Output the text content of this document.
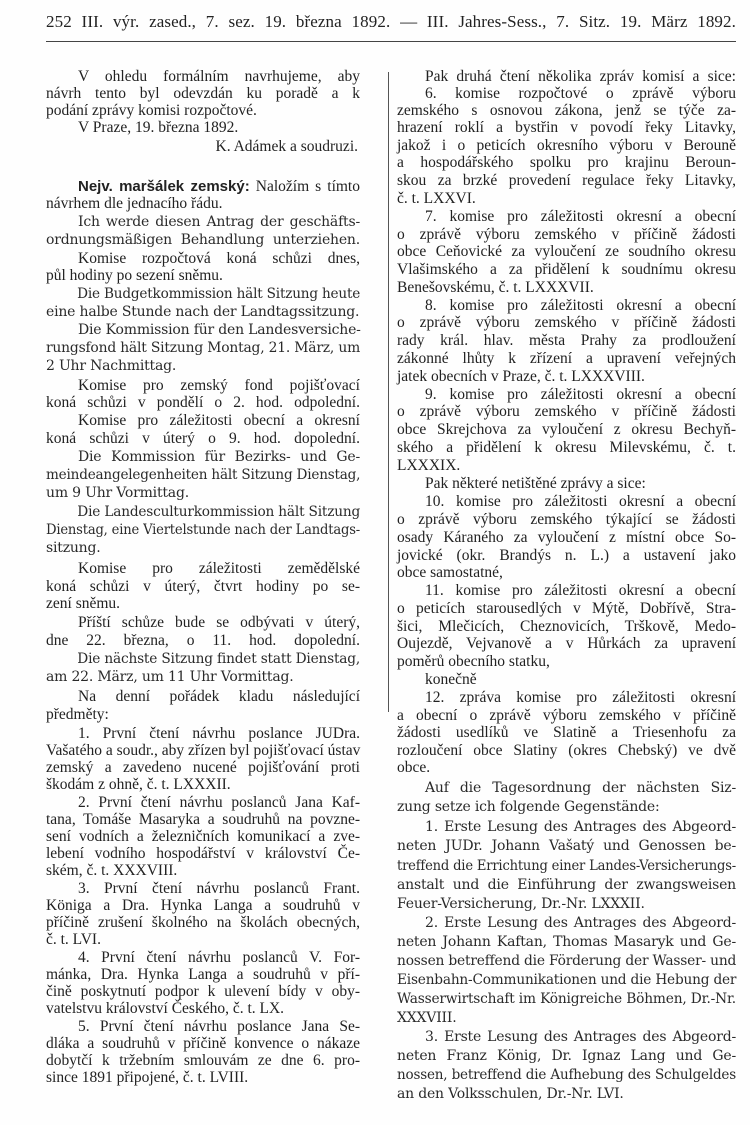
252 III. výr. zased., 7. sez. 19. března 1892. — III. Jahres-Sess., 7. Sitz. 19. März 1892.
V ohledu formálním navrhujeme, aby
návrh tento byl odevzdán ku poradě a k
podání zprávy komisi rozpočtové.
V Praze, 19. března 1892.
K. Adámek a soudruzi.
Nejv. maršálek zemský: Naložím s tímto
návrhem dle jednacího řádu.
Ich werde diesen Antrag der geschäfts-
ordnungsmäßigen Behandlung unterziehen.
Komise rozpočtová koná schůzi dnes,
půl hodiny po sezení sněmu.
Die Budgetkommission hält Sitzung heute
eine halbe Stunde nach der Landtagssitzung.
Die Kommission für den Landesversiche-
rungsfond hält Sitzung Montag, 21. März, um
2 Uhr Nachmittag.
Komise pro zemský fond pojišťovací
koná schůzi v pondělí o 2. hod. odpolední.
Komise pro záležitosti obecní a okresní
koná schůzi v úterý o 9. hod. dopolední.
Die Kommission für Bezirks- und Ge-
meindeangelegenheiten hält Sitzung Dienstag,
um 9 Uhr Vormittag.
Die Landesculturkommission hält Sitzung
Dienstag, eine Viertelstunde nach der Landtags-
sitzung.
Komise pro záležitosti zemědělské
koná schůzi v úterý, čtvrt hodiny po se-
zení sněmu.
Příští schůze bude se odbývati v úterý,
dne 22. března, o 11. hod. dopolední.
Die nächste Sitzung findet statt Dienstag,
am 22. März, um 11 Uhr Vormittag.
Na denní pořádek kladu následující
předměty:
1. První čtení návrhu poslance JUDra.
Vašatého a soudr., aby zřízen byl pojišťovací ústav
zemský a zavedeno nucené pojišťování proti
škodám z ohně, č. t. LXXXII.
2. První čtení návrhu poslanců Jana Kaf-
tana, Tomáše Masaryka a soudruhů na povzne-
sení vodních a železničních komunikací a zve-
lebení vodního hospodářství v království Če-
ském, č. t. XXXVIII.
3. První čtení návrhu poslanců Frant.
Königa a Dra. Hynka Langa a soudruhů v
příčině zrušení školného na školách obecných,
č. t. LVI.
4. První čtení návrhu poslanců V. For-
mánka, Dra. Hynka Langa a soudruhů v pří-
čině poskytnutí podpor k ulevení bídy v oby-
vatelstvu království Českého, č. t. LX.
5. První čtení návrhu poslance Jana Se-
dláka a soudruhů v příčině konvence o nákaze
dobytčí k tržebním smlouvám ze dne 6. pro-
since 1891 připojené, č. t. LVIII.
Pak druhá čtení několika zpráv komisí a sice:
6. komise rozpočtové o zprávě výboru
zemského s osnovou zákona, jenž se týče za-
hrazení roklí a bystřin v povodí řeky Litavky,
jakož i o peticích okresního výboru v Berouně
a hospodářského spolku pro krajinu Beroun-
skou za brzké provedení regulace řeky Litavky,
č. t. LXXVI.
7. komise pro záležitosti okresní a obecní
o zprávě výboru zemského v příčině žádosti
obce Ceňovické za vyloučení ze soudního okresu
Vlašimského a za přidělení k soudnímu okresu
Benešovskému, č. t. LXXXVII.
8. komise pro záležitosti okresní a obecní
o zprávě výboru zemského v příčině žádosti
rady král. hlav. města Prahy za prodloužení
zákonné lhůty k zřízení a upravení veřejných
jatek obecních v Praze, č. t. LXXXVIII.
9. komise pro záležitosti okresní a obecní
o zprávě výboru zemského v příčině žádosti
obce Skrejchova za vyloučení z okresu Bechyň-
ského a přidělení k okresu Milevskému, č. t.
LXXXIX.
Pak některé netištěné zprávy a sice:
10. komise pro záležitosti okresní a obecní
o zprávě výboru zemského týkající se žádosti
osady Káraného za vyloučení z místní obce So-
jovické (okr. Brandýs n. L.) a ustavení jako
obce samostatné,
11. komise pro záležitosti okresní a obecní
o peticích starousedlých v Mýtě, Dobřívě, Stra-
šici, Mlečicích, Cheznovicích, Trškově, Medo-
Oujezdě, Vejvanově a v Hůrkách za upravení
poměrů obecního statku,
konečně
12. zpráva komise pro záležitosti okresní
a obecní o zprávě výboru zemského v příčině
žádosti usedlíků ve Slatině a Triesenhofu za
rozloučení obce Slatiny (okres Chebský) ve dvě
obce.
Auf die Tagesordnung der nächsten Siz-
zung setze ich folgende Gegenstände:
1. Erste Lesung des Antrages des Abgeord-
neten JUDr. Johann Vašatý und Genossen be-
treffend die Errichtung einer Landes-Versicherungs-
anstalt und die Einführung der zwangsweisen
Feuer-Versicherung, Dr.-Nr. LXXXII.
2. Erste Lesung des Antrages des Abgeord-
neten Johann Kaftan, Thomas Masaryk und Ge-
nossen betreffend die Förderung der Wasser- und
Eisenbahn-Communikationen und die Hebung der
Wasserwirtschaft im Königreiche Böhmen, Dr.-Nr.
XXXVIII.
3. Erste Lesung des Antrages des Abgeord-
neten Franz König, Dr. Ignaz Lang und Ge-
nossen, betreffend die Aufhebung des Schulgeldes
an den Volksschulen, Dr.-Nr. LVI.
